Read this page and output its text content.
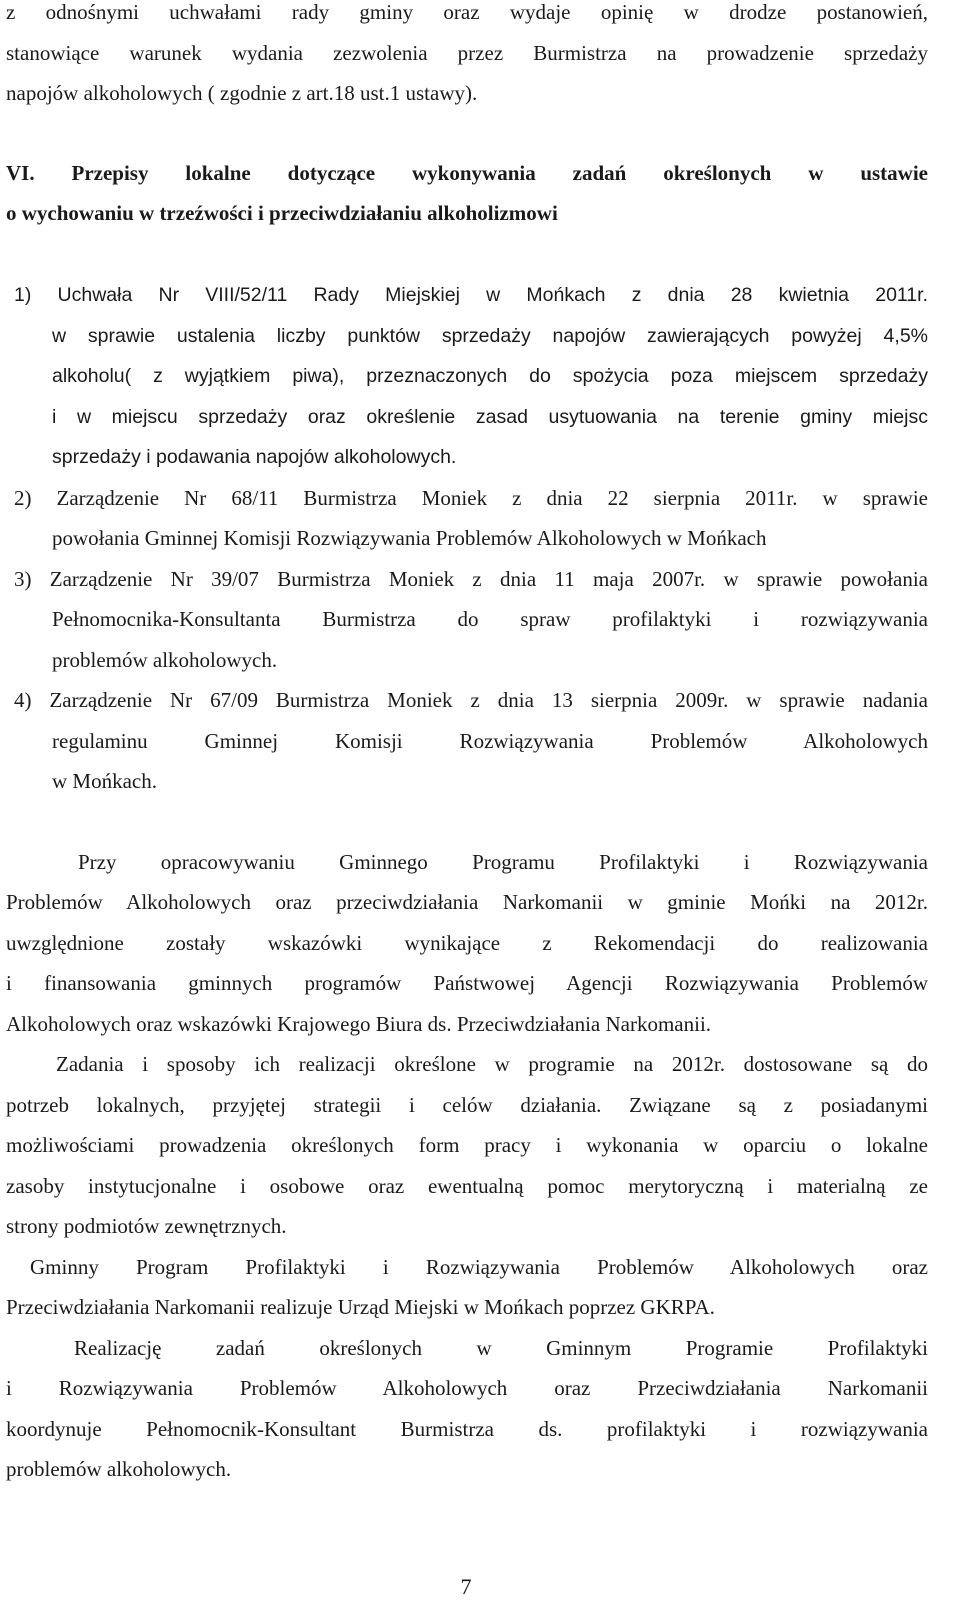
z odnośnymi uchwałami rady gminy oraz wydaje opinię w drodze postanowień,
stanowiące warunek wydania zezwolenia przez Burmistrza na prowadzenie sprzedaży
napojów alkoholowych ( zgodnie z art.18 ust.1 ustawy).
VI. Przepisy lokalne dotyczące wykonywania zadań określonych w ustawie
o wychowaniu w trzeźwości i przeciwdziałaniu alkoholizmowi
1) Uchwała Nr VIII/52/11 Rady Miejskiej w Mońkach z dnia 28 kwietnia 2011r.
w sprawie ustalenia liczby punktów sprzedaży napojów zawierających powyżej 4,5%
alkoholu( z wyjątkiem piwa), przeznaczonych do spożycia poza miejscem sprzedaży
i w miejscu sprzedaży oraz określenie zasad usytuowania na terenie gminy miejsc
sprzedaży i podawania napojów alkoholowych.
2) Zarządzenie Nr 68/11 Burmistrza Moniek z dnia 22 sierpnia 2011r. w sprawie
powołania Gminnej Komisji Rozwiązywania Problemów Alkoholowych w Mońkach
3) Zarządzenie Nr 39/07 Burmistrza Moniek z dnia 11 maja 2007r. w sprawie powołania
Pełnomocnika-Konsultanta Burmistrza do spraw profilaktyki i rozwiązywania
problemów alkoholowych.
4) Zarządzenie Nr 67/09 Burmistrza Moniek z dnia 13 sierpnia 2009r. w sprawie nadania
regulaminu Gminnej Komisji Rozwiązywania Problemów Alkoholowych
w Mońkach.
Przy opracowywaniu Gminnego Programu Profilaktyki i Rozwiązywania
Problemów Alkoholowych oraz przeciwdziałania Narkomanii w gminie Mońki na 2012r.
uwzględnione zostały wskazówki wynikające z Rekomendacji do realizowania
i finansowania gminnych programów Państwowej Agencji Rozwiązywania Problemów
Alkoholowych oraz wskazówki Krajowego Biura ds. Przeciwdziałania Narkomanii.
Zadania i sposoby ich realizacji określone w programie na 2012r. dostosowane są do
potrzeb lokalnych, przyjętej strategii i celów działania. Związane są z posiadanymi
możliwościami prowadzenia określonych form pracy i wykonania w oparciu o lokalne
zasoby instytucjonalne i osobowe oraz ewentualną pomoc merytoryczną i materialną ze
strony podmiotów zewnętrznych.
Gminny Program Profilaktyki i Rozwiązywania Problemów Alkoholowych oraz
Przeciwdziałania Narkomanii realizuje Urząd Miejski w Mońkach poprzez GKRPA.
Realizację zadań określonych w Gminnym Programie Profilaktyki
i Rozwiązywania Problemów Alkoholowych oraz Przeciwdziałania Narkomanii
koordynuje Pełnomocnik-Konsultant Burmistrza ds. profilaktyki i rozwiązywania
problemów alkoholowych.
7
